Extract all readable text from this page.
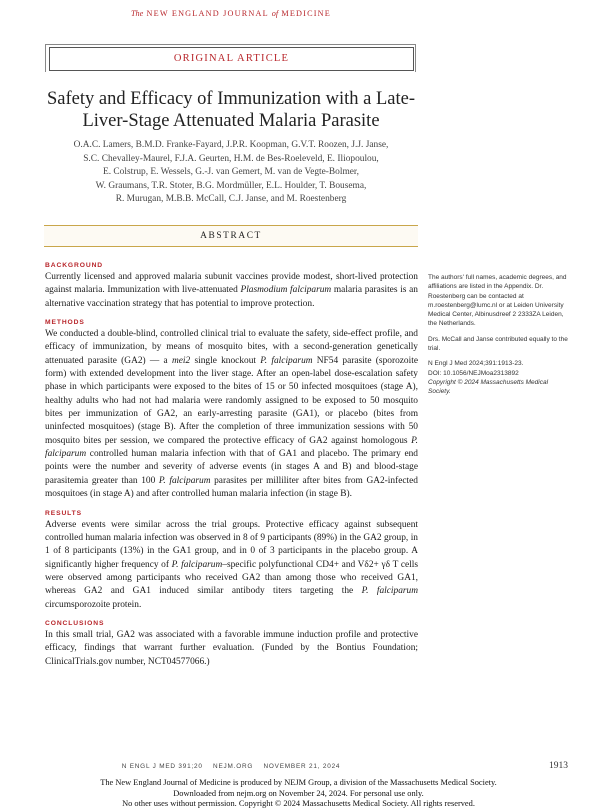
The NEW ENGLAND JOURNAL of MEDICINE
ORIGINAL ARTICLE
Safety and Efficacy of Immunization with a Late-Liver-Stage Attenuated Malaria Parasite
O.A.C. Lamers, B.M.D. Franke-Fayard, J.P.R. Koopman, G.V.T. Roozen, J.J. Janse,
S.C. Chevalley-Maurel, F.J.A. Geurten, H.M. de Bes-Roeleveld, E. Iliopoulou,
E. Colstrup, E. Wessels, G.-J. van Gemert, M. van de Vegte-Bolmer,
W. Graumans, T.R. Stoter, B.G. Mordmüller, E.L. Houlder, T. Bousema,
R. Murugan, M.B.B. McCall, C.J. Janse, and M. Roestenberg
ABSTRACT

BACKGROUND

Currently licensed and approved malaria subunit vaccines provide modest, short-lived protection against malaria. Immunization with live-attenuated Plasmodium falciparum malaria parasites is an alternative vaccination strategy that has potential to improve protection.

METHODS

We conducted a double-blind, controlled clinical trial to evaluate the safety, side-effect profile, and efficacy of immunization, by means of mosquito bites, with a second-generation genetically attenuated parasite (GA2) — a mei2 single knockout P. falciparum NF54 parasite (sporozoite form) with extended development into the liver stage. After an open-label dose-escalation safety phase in which participants were exposed to the bites of 15 or 50 infected mosquitoes (stage A), healthy adults who had not had malaria were randomly assigned to be exposed to 50 mosquito bites per immunization of GA2, an early-arresting parasite (GA1), or placebo (bites from uninfected mosquitoes) (stage B). After the completion of three immunization sessions with 50 mosquito bites per session, we compared the protective efficacy of GA2 against homologous P. falciparum controlled human malaria infection with that of GA1 and placebo. The primary end points were the number and severity of adverse events (in stages A and B) and blood-stage parasitemia greater than 100 P. falciparum parasites per milliliter after bites from GA2-infected mosquitoes (in stage A) and after controlled human malaria infection (in stage B).

RESULTS

Adverse events were similar across the trial groups. Protective efficacy against subsequent controlled human malaria infection was observed in 8 of 9 participants (89%) in the GA2 group, in 1 of 8 participants (13%) in the GA1 group, and in 0 of 3 participants in the placebo group. A significantly higher frequency of P. falciparum–specific polyfunctional CD4+ and Vδ2+ γδ T cells were observed among participants who received GA2 than among those who received GA1, whereas GA2 and GA1 induced similar antibody titers targeting the P. falciparum circumsporozoite protein.

CONCLUSIONS

In this small trial, GA2 was associated with a favorable immune induction profile and protective efficacy, findings that warrant further evaluation. (Funded by the Bontius Foundation; ClinicalTrials.gov number, NCT04577066.)

The authors' full names, academic degrees, and affiliations are listed in the Appendix. Dr. Roestenberg can be contacted at m.roestenberg@lumc.nl or at Leiden University Medical Center, Albinusdreef 2 2333ZA Leiden, the Netherlands.

Drs. McCall and Janse contributed equally to the trial.

N Engl J Med 2024;391:1913-23.

DOI: 10.1056/NEJMoa2313892

Copyright © 2024 Massachusetts Medical Society.

N ENGL J MED 391;20    NEJM.ORG    NOVEMBER 21, 2024	1913
The New England Journal of Medicine is produced by NEJM Group, a division of the Massachusetts Medical Society.
Downloaded from nejm.org on November 24, 2024. For personal use only.
No other uses without permission. Copyright © 2024 Massachusetts Medical Society. All rights reserved.
